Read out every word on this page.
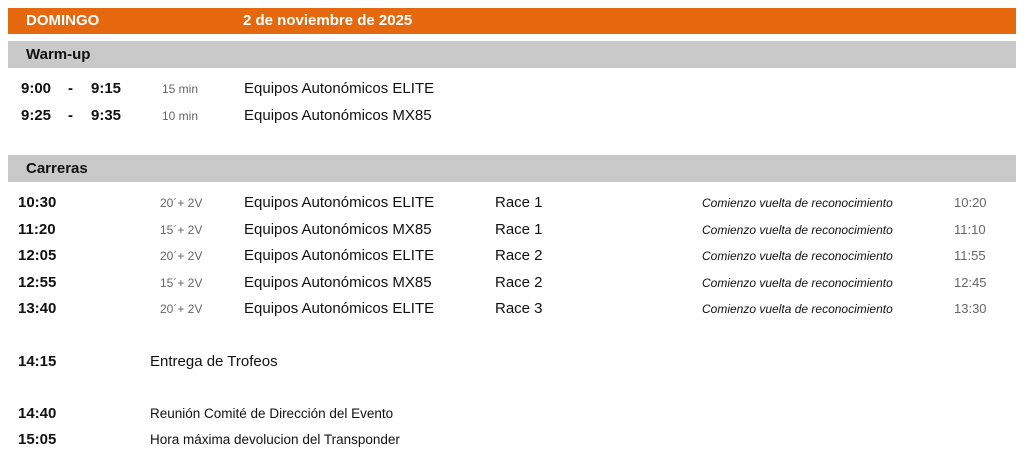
DOMINGO	2 de noviembre de 2025
Warm-up
9:00 - 9:15	15 min	Equipos Autonómicos ELITE
9:25 - 9:35	10 min	Equipos Autonómicos MX85
Carreras
10:30	20´+ 2V	Equipos Autonómicos ELITE	Race 1	Comienzo vuelta de reconocimiento	10:20
11:20	15´+ 2V	Equipos Autonómicos MX85	Race 1	Comienzo vuelta de reconocimiento	11:10
12:05	20´+ 2V	Equipos Autonómicos ELITE	Race 2	Comienzo vuelta de reconocimiento	11:55
12:55	15´+ 2V	Equipos Autonómicos MX85	Race 2	Comienzo vuelta de reconocimiento	12:45
13:40	20´+ 2V	Equipos Autonómicos ELITE	Race 3	Comienzo vuelta de reconocimiento	13:30
14:15	Entrega de Trofeos
14:40	Reunión Comité de Dirección del Evento
15:05	Hora máxima devolucion del Transponder
